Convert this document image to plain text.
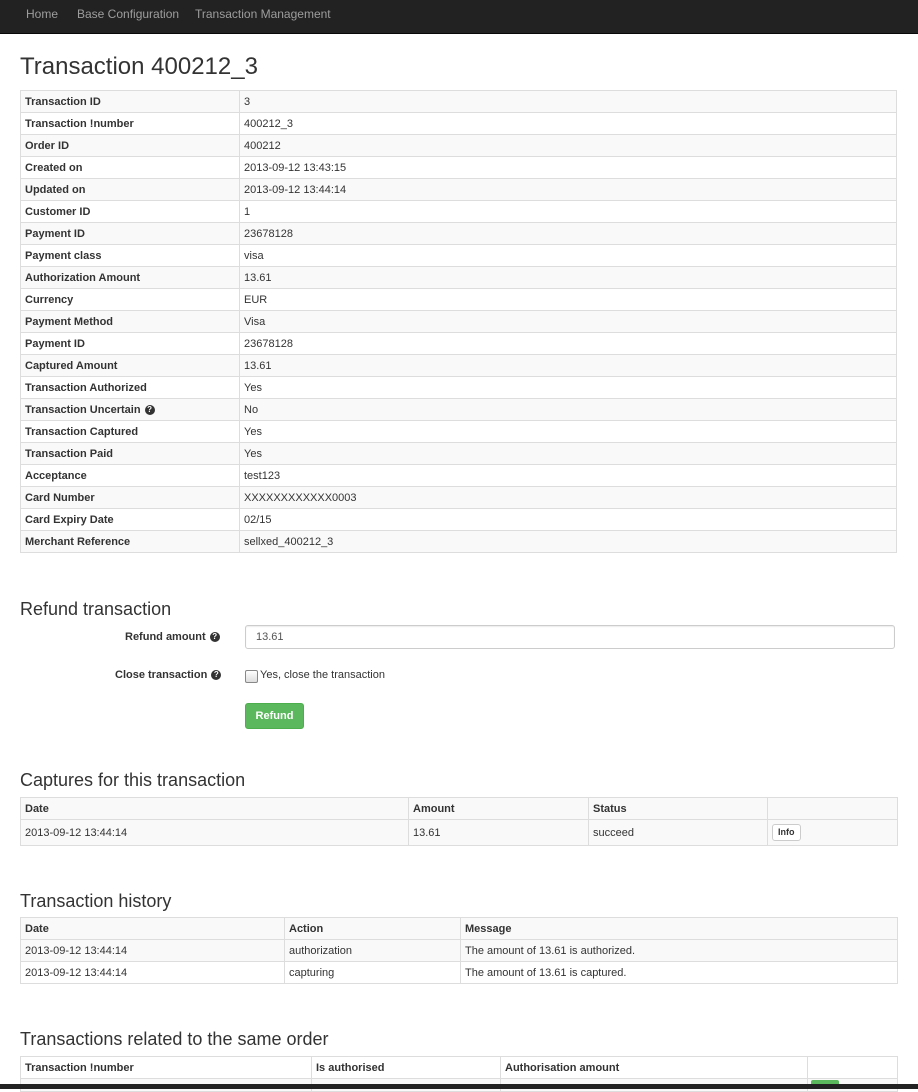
Home Base Configuration Transaction Management
Transaction 400212_3
Transaction ID	3
Transaction !number	400212_3
Order ID	400212
Created on	2013-09-12 13:43:15
Updated on	2013-09-12 13:44:14
Customer ID	1
Payment ID	23678128
Payment class	visa
Authorization Amount	13.61
Currency	EUR
Payment Method	Visa
Payment ID	23678128
Captured Amount	13.61
Transaction Authorized	Yes
Transaction Uncertain ?	No
Transaction Captured	Yes
Transaction Paid	Yes
Acceptance	test123
Card Number	XXXXXXXXXXXX0003
Card Expiry Date	02/15
Merchant Reference	sellxed_400212_3
Refund transaction
Refund amount ?
13.61
Close transaction ?	Yes, close the transaction
Refund
Captures for this transaction
Date	Amount	Status	
2013-09-12 13:44:14	13.61	succeed	Info
Transaction history
Date	Action	Message
2013-09-12 13:44:14	authorization	The amount of 13.61 is authorized.
2013-09-12 13:44:14	capturing	The amount of 13.61 is captured.
Transactions related to the same order
Transaction !number	Is authorised	Authorisation amount	
